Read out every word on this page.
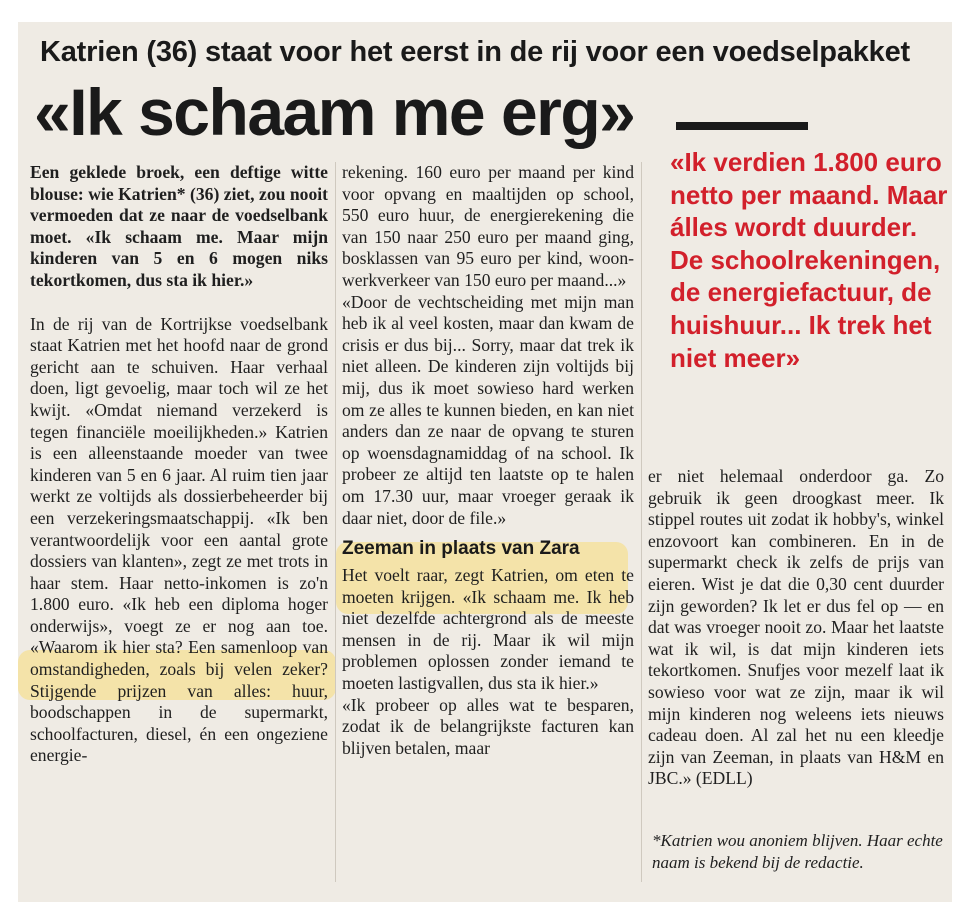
Katrien (36) staat voor het eerst in de rij voor een voedselpakket
«Ik schaam me erg»

Een geklede broek, een deftige witte blouse: wie Katrien* (36) ziet, zou nooit vermoeden dat ze naar de voedselbank moet. «Ik schaam me. Maar mijn kinderen van 5 en 6 mogen niks tekortkomen, dus sta ik hier.»

In de rij van de Kortrijkse voedselbank staat Katrien met het hoofd naar de grond gericht aan te schuiven. Haar verhaal doen, ligt gevoelig, maar toch wil ze het kwijt. «Omdat niemand verzekerd is tegen financiële moeilijkheden.» Katrien is een alleenstaande moeder van twee kinderen van 5 en 6 jaar. Al ruim tien jaar werkt ze voltijds als dossierbeheerder bij een verzekeringsmaatschappij. «Ik ben verantwoordelijk voor een aantal grote dossiers van klanten», zegt ze met trots in haar stem. Haar netto-inkomen is zo'n 1.800 euro. «Ik heb een diploma hoger onderwijs», voegt ze er nog aan toe. «Waarom ik hier sta? Een samenloop van omstandigheden, zoals bij velen zeker? Stijgende prijzen van alles: huur, boodschappen in de supermarkt, schoolfacturen, diesel, én een ongeziene energie-

rekening. 160 euro per maand per kind voor opvang en maaltijden op school, 550 euro huur, de energierekening die van 150 naar 250 euro per maand ging, bosklassen van 95 euro per kind, woon-werkverkeer van 150 euro per maand...»

«Door de vechtscheiding met mijn man heb ik al veel kosten, maar dan kwam de crisis er dus bij... Sorry, maar dat trek ik niet alleen. De kinderen zijn voltijds bij mij, dus ik moet sowieso hard werken om ze alles te kunnen bieden, en kan niet anders dan ze naar de opvang te sturen op woensdagnamiddag of na school. Ik probeer ze altijd ten laatste op te halen om 17.30 uur, maar vroeger geraak ik daar niet, door de file.»

Zeeman in plaats van Zara

Het voelt raar, zegt Katrien, om eten te moeten krijgen. «Ik schaam me. Ik heb niet dezelfde achtergrond als de meeste mensen in de rij. Maar ik wil mijn problemen oplossen zonder iemand te moeten lastigvallen, dus sta ik hier.»

«Ik probeer op alles wat te besparen, zodat ik de belangrijkste facturen kan blijven betalen, maar

«Ik verdien 1.800 euro netto per maand. Maar álles wordt duurder. De schoolrekeningen, de energiefactuur, de huishuur... Ik trek het niet meer»

er niet helemaal onderdoor ga. Zo gebruik ik geen droogkast meer. Ik stippel routes uit zodat ik hobby's, winkel enzovoort kan combineren. En in de supermarkt check ik zelfs de prijs van eieren. Wist je dat die 0,30 cent duurder zijn geworden? Ik let er dus fel op — en dat was vroeger nooit zo. Maar het laatste wat ik wil, is dat mijn kinderen iets tekortkomen. Snufjes voor mezelf laat ik sowieso voor wat ze zijn, maar ik wil mijn kinderen nog weleens iets nieuws cadeau doen. Al zal het nu een kleedje zijn van Zeeman, in plaats van H&M en JBC.» (EDLL)

*Katrien wou anoniem blijven. Haar echte naam is bekend bij de redactie.
